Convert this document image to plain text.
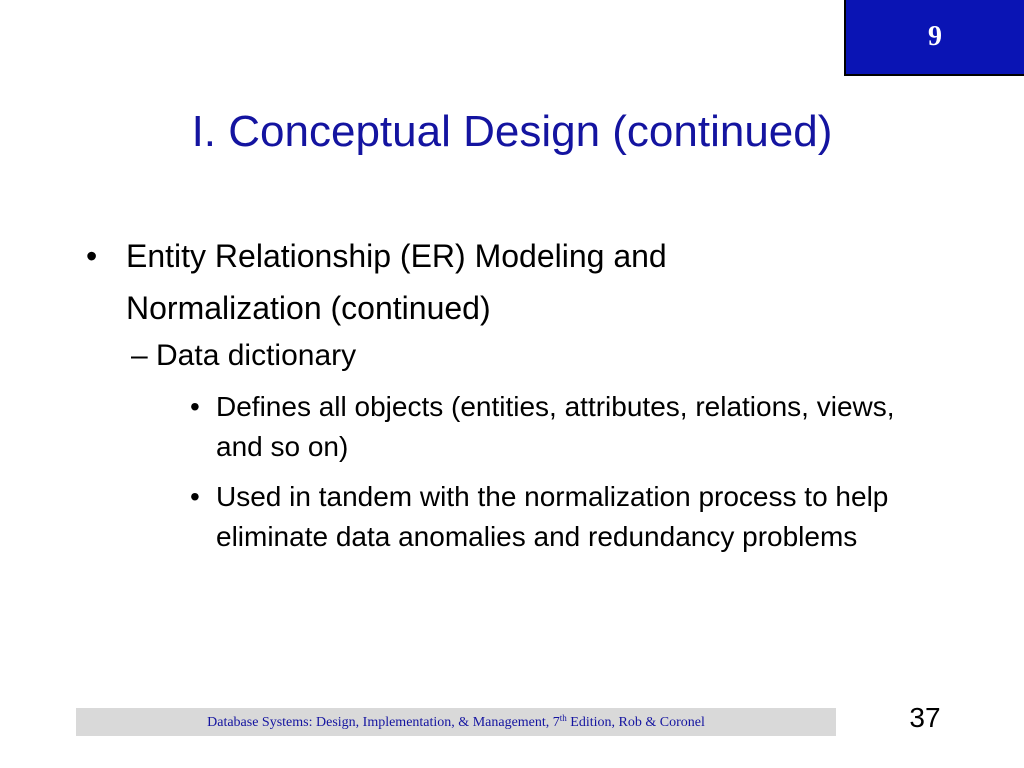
9
I. Conceptual Design (continued)
• Entity Relationship (ER) Modeling and Normalization (continued)
– Data dictionary
• Defines all objects (entities, attributes, relations, views, and so on)
• Used in tandem with the normalization process to help eliminate data anomalies and redundancy problems
Database Systems: Design, Implementation, & Management, 7th Edition, Rob & Coronel	37
